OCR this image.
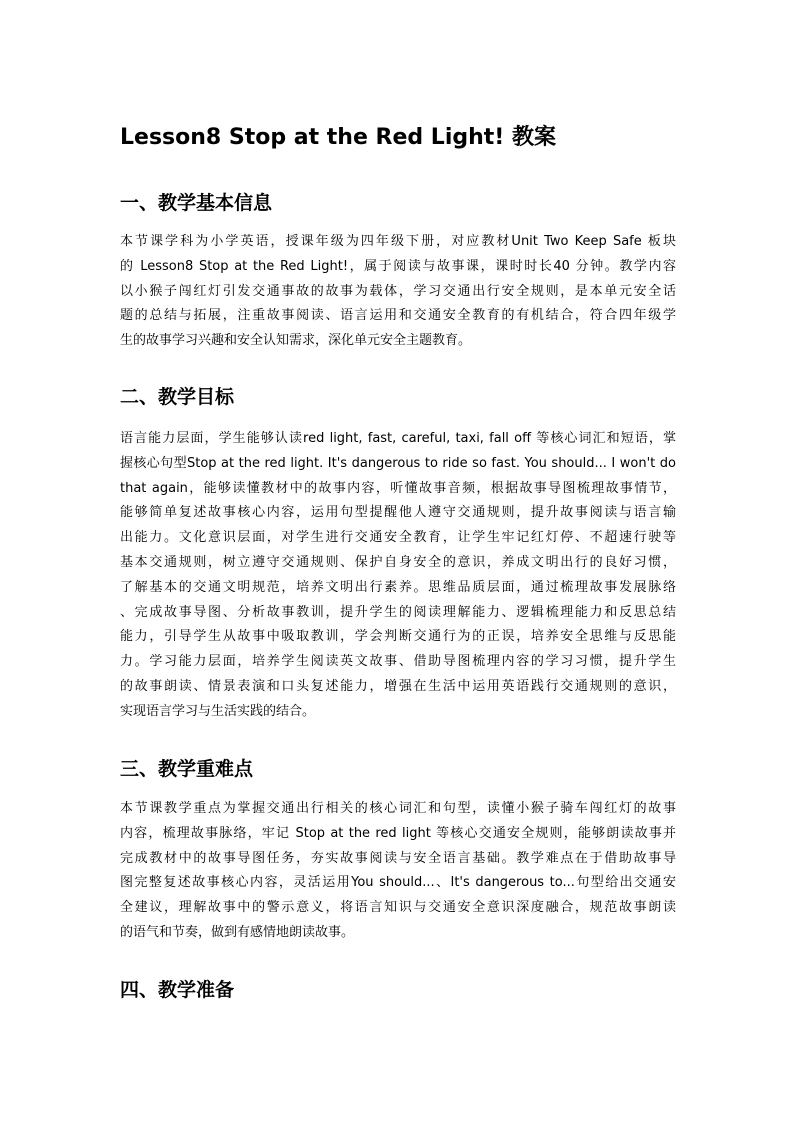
Lesson8 Stop at the Red Light! 教案
一、教学基本信息
本节课学科为小学英语，授课年级为四年级下册，对应教材Unit Two Keep Safe 板块
的 Lesson8 Stop at the Red Light!，属于阅读与故事课，课时时长40 分钟。教学内容
以小猴子闯红灯引发交通事故的故事为载体，学习交通出行安全规则，是本单元安全话
题的总结与拓展，注重故事阅读、语言运用和交通安全教育的有机结合，符合四年级学
生的故事学习兴趣和安全认知需求，深化单元安全主题教育。
二、教学目标
语言能力层面，学生能够认读red light, fast, careful, taxi, fall off 等核心词汇和短语，掌
握核心句型Stop at the red light. It's dangerous to ride so fast. You should... I won't do
that again，能够读懂教材中的故事内容，听懂故事音频，根据故事导图梳理故事情节，
能够简单复述故事核心内容，运用句型提醒他人遵守交通规则，提升故事阅读与语言输
出能力。文化意识层面，对学生进行交通安全教育，让学生牢记红灯停、不超速行驶等
基本交通规则，树立遵守交通规则、保护自身安全的意识，养成文明出行的良好习惯，
了解基本的交通文明规范，培养文明出行素养。思维品质层面，通过梳理故事发展脉络
、完成故事导图、分析故事教训，提升学生的阅读理解能力、逻辑梳理能力和反思总结
能力，引导学生从故事中吸取教训，学会判断交通行为的正误，培养安全思维与反思能
力。学习能力层面，培养学生阅读英文故事、借助导图梳理内容的学习习惯，提升学生
的故事朗读、情景表演和口头复述能力，增强在生活中运用英语践行交通规则的意识，
实现语言学习与生活实践的结合。
三、教学重难点
本节课教学重点为掌握交通出行相关的核心词汇和句型，读懂小猴子骑车闯红灯的故事
内容，梳理故事脉络，牢记 Stop at the red light 等核心交通安全规则，能够朗读故事并
完成教材中的故事导图任务，夯实故事阅读与安全语言基础。教学难点在于借助故事导
图完整复述故事核心内容，灵活运用You should...、It's dangerous to...句型给出交通安
全建议，理解故事中的警示意义，将语言知识与交通安全意识深度融合，规范故事朗读
的语气和节奏，做到有感情地朗读故事。
四、教学准备
